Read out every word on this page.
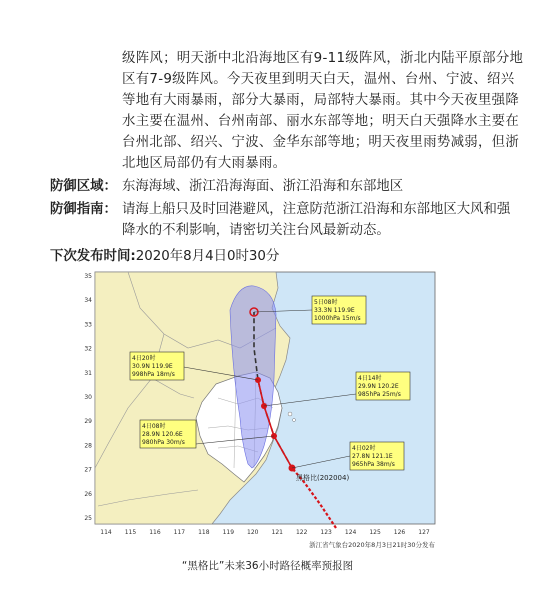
级阵风；明天浙中北沿海地区有9-11级阵风，浙北内陆平原部分地
区有7-9级阵风。今天夜里到明天白天，温州、台州、宁波、绍兴
等地有大雨暴雨，部分大暴雨，局部特大暴雨。其中今天夜里强降
水主要在温州、台州南部、丽水东部等地；明天白天强降水主要在
台州北部、绍兴、宁波、金华东部等地；明天夜里雨势减弱，但浙
北地区局部仍有大雨暴雨。
防御区域： 东海海域、浙江沿海海面、浙江沿海和东部地区
防御指南： 请海上船只及时回港避风，注意防范浙江沿海和东部地区大风和强
降水的不利影响，请密切关注台风最新动态。
下次发布时间:2020年8月4日0时30分
5日08时
33.3N 119.9E
1000hPa 15m/s
4日20时
30.9N 119.9E
998hPa 18m/s
4日14时
29.9N 120.2E
985hPa 25m/s
4日08时
28.9N 120.6E
980hPa 30m/s
4日02时
27.8N 121.1E
965hPa 38m/s
黑格比(202004)
114 115 116 117 118 119 120 121 122 123 124 125 126 127
35
34
33
32
31
30
29
28
27
26
25
浙江省气象台2020年8月3日21时30分发布
“黑格比”未来36小时路径概率预报图
